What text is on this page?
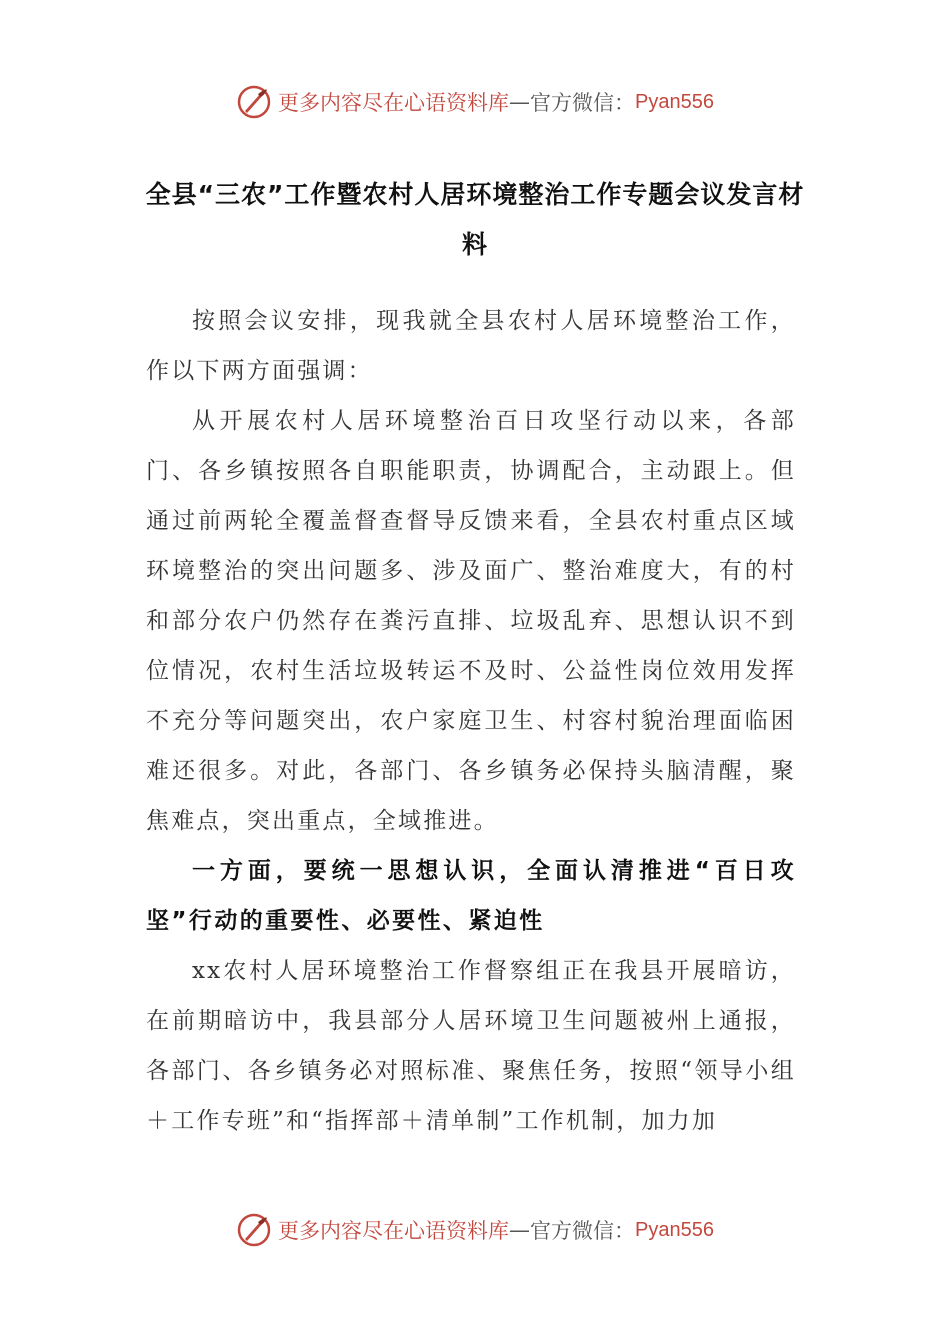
更多内容尽在心语资料库 — 官方微信： Pyan556
全县“三农”工作暨农村人居环境整治工作专题会议发言材料

按照会议安排，现我就全县农村人居环境整治工作，作以下两方面强调：

从开展农村人居环境整治百日攻坚行动以来，各部门、各乡镇按照各自职能职责，协调配合，主动跟上。但通过前两轮全覆盖督查督导反馈来看，全县农村重点区域环境整治的突出问题多、涉及面广、整治难度大，有的村和部分农户仍然存在粪污直排、垃圾乱弃、思想认识不到位情况，农村生活垃圾转运不及时、公益性岗位效用发挥不充分等问题突出，农户家庭卫生、村容村貌治理面临困难还很多。对此，各部门、各乡镇务必保持头脑清醒，聚焦难点，突出重点，全域推进。

一方面，要统一思想认识，全面认清推进“百日攻坚”行动的重要性、必要性、紧迫性

xx农村人居环境整治工作督察组正在我县开展暗访，在前期暗访中，我县部分人居环境卫生问题被州上通报，各部门、各乡镇务必对照标准、聚焦任务，按照“领导小组＋工作专班”和“指挥部＋清单制”工作机制，加力加

更多内容尽在心语资料库 — 官方微信： Pyan556
